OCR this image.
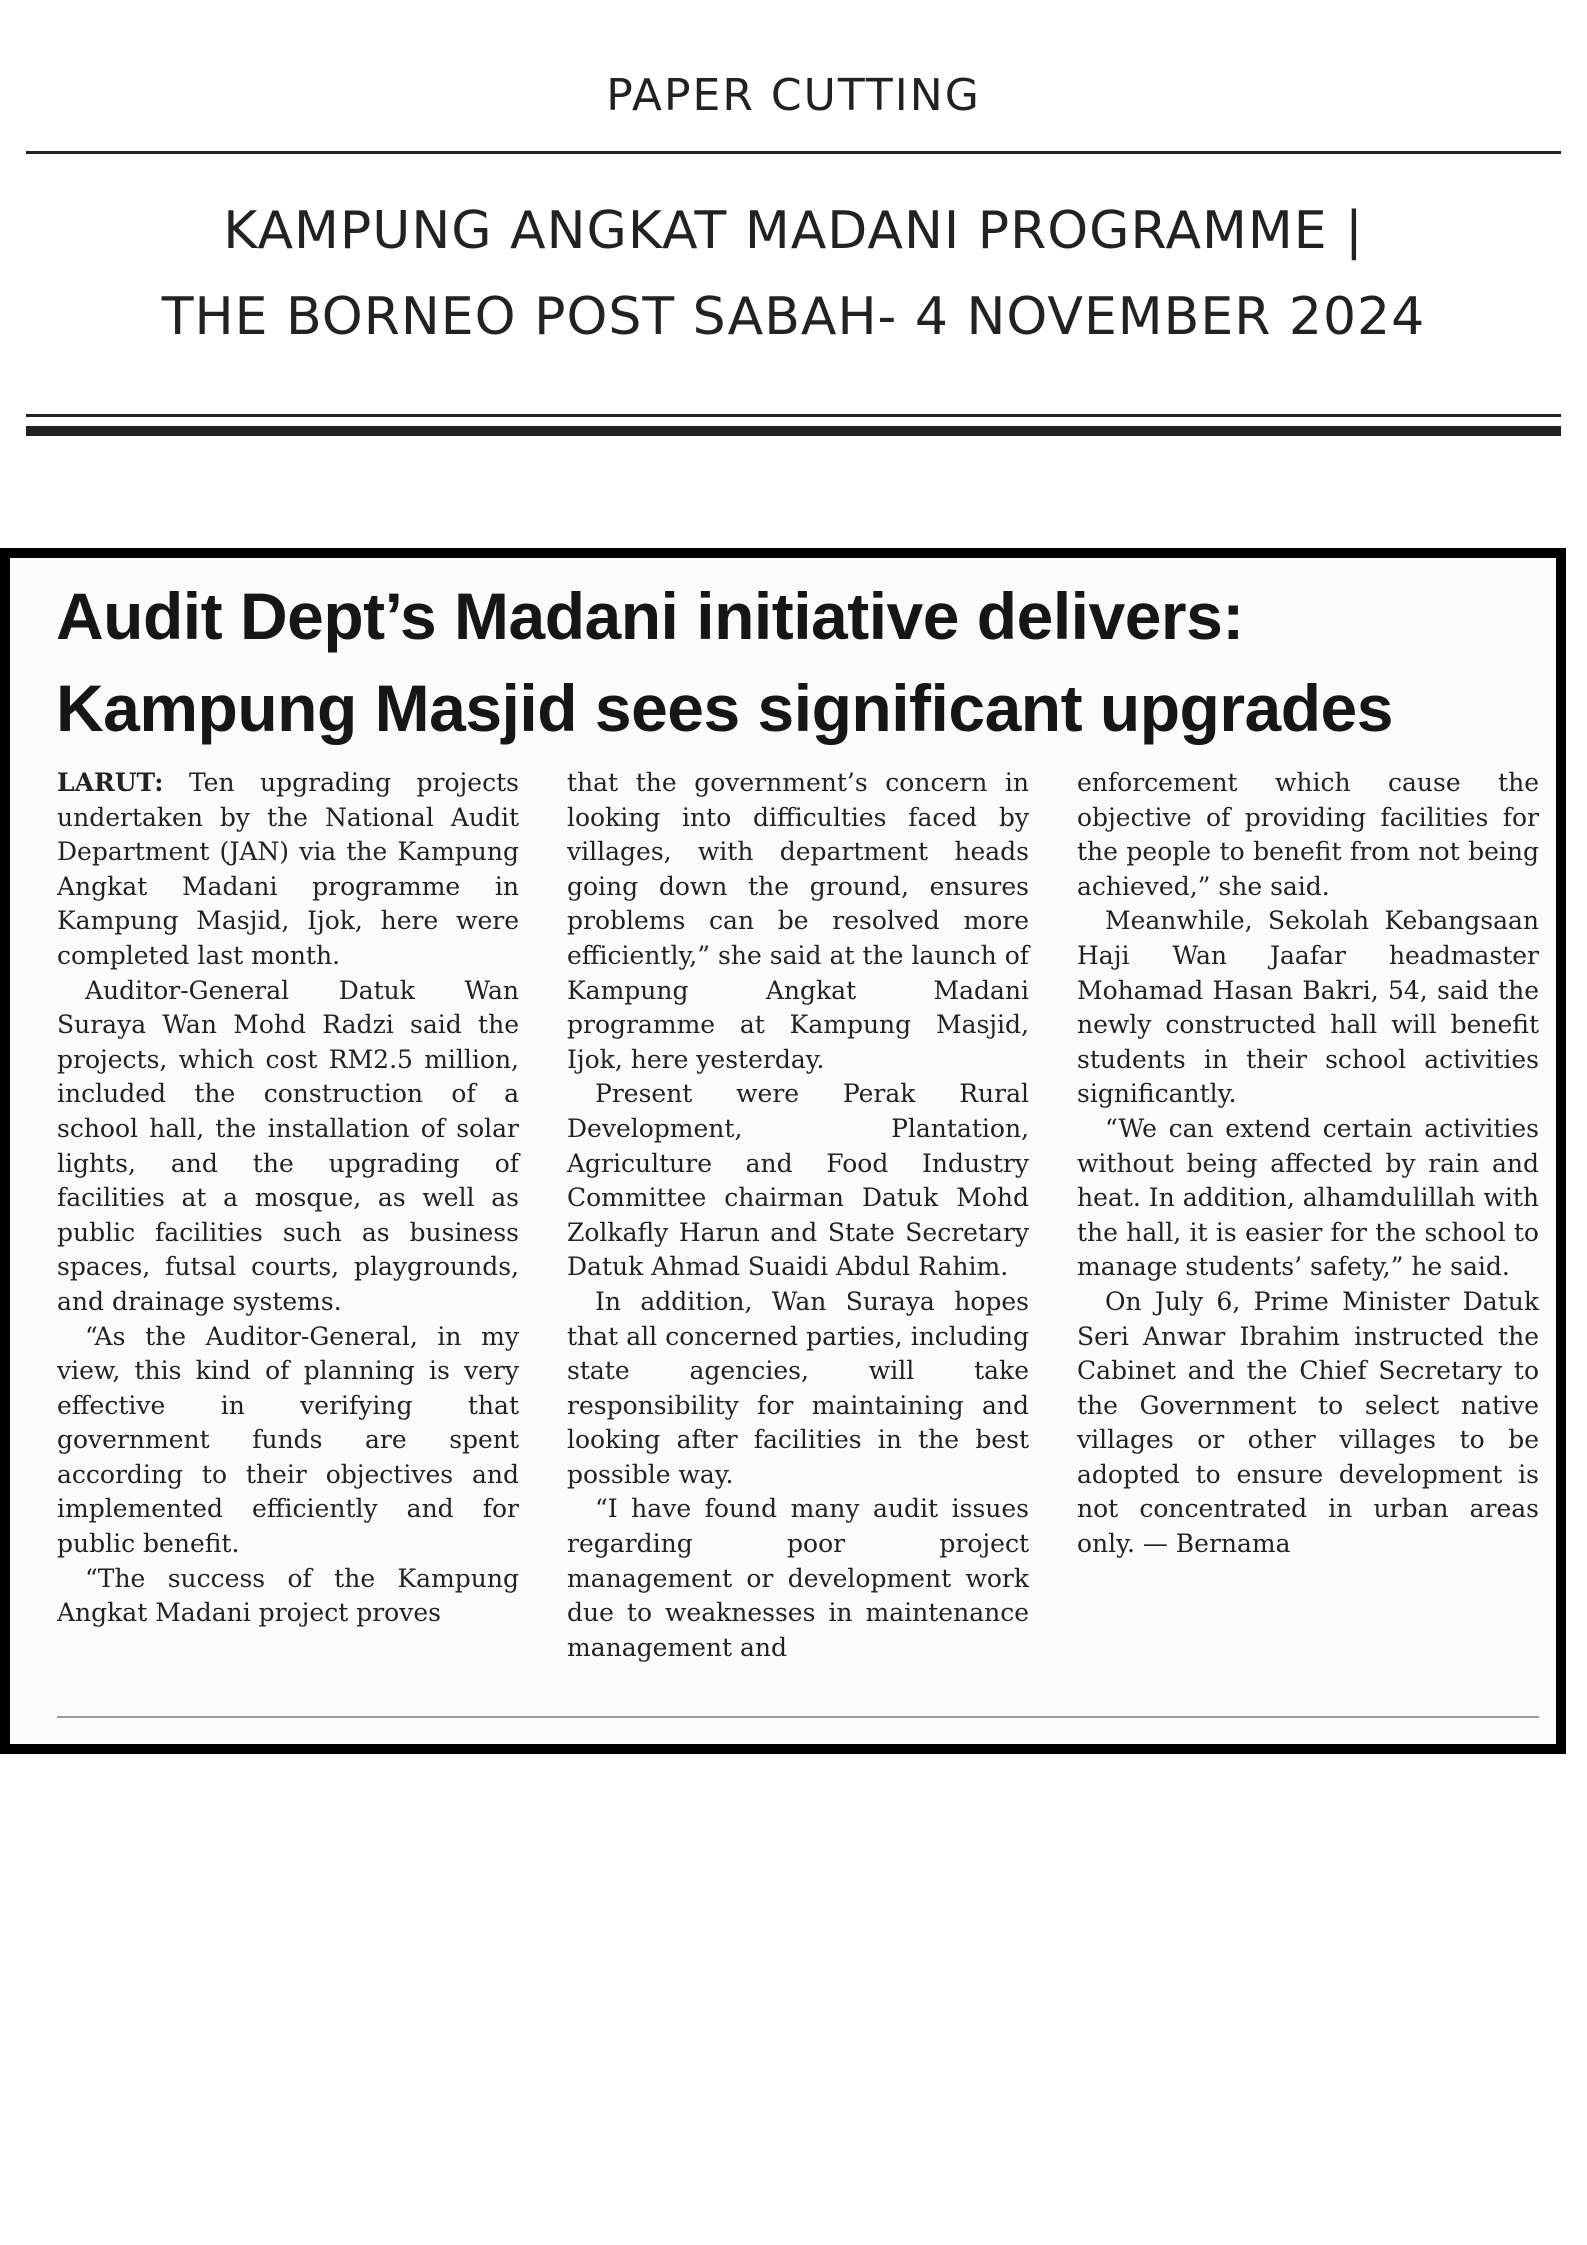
PAPER CUTTING
KAMPUNG ANGKAT MADANI PROGRAMME |
THE BORNEO POST SABAH- 4 NOVEMBER 2024
Audit Dept’s Madani initiative delivers:
Kampung Masjid sees significant upgrades

LARUT: Ten upgrading projects undertaken by the National Audit Department (JAN) via the Kampung Angkat Madani programme in Kampung Masjid, Ijok, here were completed last month.

Auditor-General Datuk Wan Suraya Wan Mohd Radzi said the projects, which cost RM2.5 million, included the construction of a school hall, the installation of solar lights, and the upgrading of facilities at a mosque, as well as public facilities such as business spaces, futsal courts, playgrounds, and drainage systems.

“As the Auditor-General, in my view, this kind of planning is very effective in verifying that government funds are spent according to their objectives and implemented efficiently and for public benefit.

“The success of the Kampung Angkat Madani project proves

that the government’s concern in looking into difficulties faced by villages, with department heads going down the ground, ensures problems can be resolved more efficiently,” she said at the launch of Kampung Angkat Madani programme at Kampung Masjid, Ijok, here yesterday.

Present were Perak Rural Development, Plantation, Agriculture and Food Industry Committee chairman Datuk Mohd Zolkafly Harun and State Secretary Datuk Ahmad Suaidi Abdul Rahim.

In addition, Wan Suraya hopes that all concerned parties, including state agencies, will take responsibility for maintaining and looking after facilities in the best possible way.

“I have found many audit issues regarding poor project management or development work due to weaknesses in maintenance management and

enforcement which cause the objective of providing facilities for the people to benefit from not being achieved,” she said.

Meanwhile, Sekolah Kebangsaan Haji Wan Jaafar headmaster Mohamad Hasan Bakri, 54, said the newly constructed hall will benefit students in their school activities significantly.

“We can extend certain activities without being affected by rain and heat. In addition, alhamdulillah with the hall, it is easier for the school to manage students’ safety,” he said.

On July 6, Prime Minister Datuk Seri Anwar Ibrahim instructed the Cabinet and the Chief Secretary to the Government to select native villages or other villages to be adopted to ensure development is not concentrated in urban areas only. — Bernama
